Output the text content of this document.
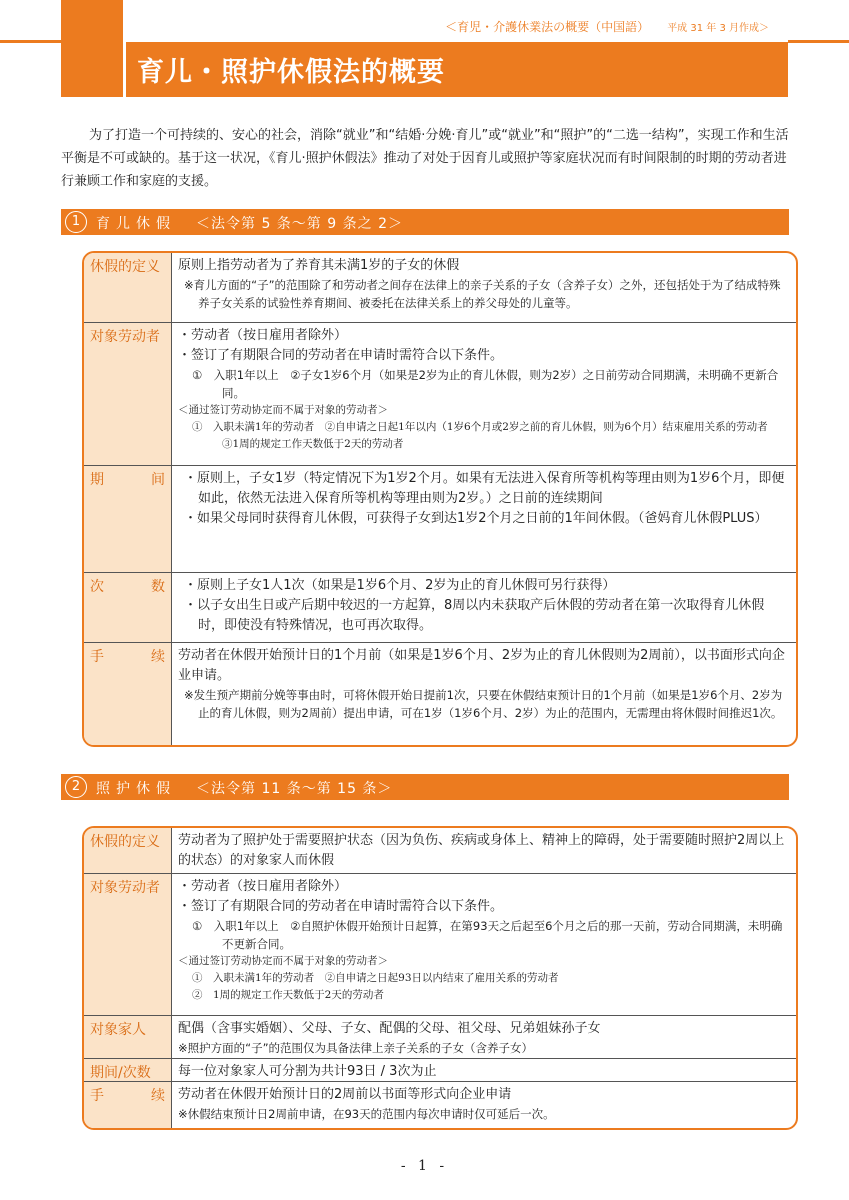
＜育児・介護休業法の概要（中国語） 平成 31 年 3 月作成＞
育儿・照护休假法的概要
为了打造一个可持续的、安心的社会，消除“就业”和“结婚·分娩·育儿”或“就业”和“照护”的“二选一结构”，实现工作和生活平衡是不可或缺的。基于这一状况，《育儿·照护休假法》推动了对处于因育儿或照护等家庭状况而有时间限制的时期的劳动者进行兼顾工作和家庭的支援。
1	育儿休假 ＜法令第 5 条～第 9 条之 2＞
休假的定义	原则上指劳动者为了养育其未满1岁的子女的休假
※育儿方面的“子”的范围除了和劳动者之间存在法律上的亲子关系的子女（含养子女）之外，还包括处于为了结成特殊养子女关系的试验性养育期间、被委托在法律关系上的养父母处的儿童等。
对象劳动者	・劳动者（按日雇用者除外）
・签订了有期限合同的劳动者在申请时需符合以下条件。
①　入职1年以上　②子女1岁6个月（如果是2岁为止的育儿休假，则为2岁）之日前劳动合同期满，未明确不更新合同。
＜通过签订劳动协定而不属于对象的劳动者＞
①　入职未满1年的劳动者　②自申请之日起1年以内（1岁6个月或2岁之前的育儿休假，则为6个月）结束雇用关系的劳动者　③1周的规定工作天数低于2天的劳动者
期	间	・原则上，子女1岁（特定情况下为1岁2个月。如果有无法进入保育所等机构等理由则为1岁6个月，即便如此，依然无法进入保育所等机构等理由则为2岁。）之日前的连续期间
・如果父母同时获得育儿休假，可获得子女到达1岁2个月之日前的1年间休假。（爸妈育儿休假PLUS）
次	数	・原则上子女1人1次（如果是1岁6个月、2岁为止的育儿休假可另行获得）
・以子女出生日或产后期中较迟的一方起算，8周以内未获取产后休假的劳动者在第一次取得育儿休假时，即使没有特殊情况，也可再次取得。
手	续 劳动者在休假开始预计日的1个月前（如果是1岁6个月、2岁为止的育儿休假则为2周前），以书面形式向企业申请。
※发生预产期前分娩等事由时，可将休假开始日提前1次，只要在休假结束预计日的1个月前（如果是1岁6个月、2岁为止的育儿休假，则为2周前）提出申请，可在1岁（1岁6个月、2岁）为止的范围内，无需理由将休假时间推迟1次。
2	照护休假 ＜法令第 11 条～第 15 条＞
休假的定义	劳动者为了照护处于需要照护状态（因为负伤、疾病或身体上、精神上的障碍，处于需要随时照护2周以上的状态）的对象家人而休假
对象劳动者	・劳动者（按日雇用者除外）
・签订了有期限合同的劳动者在申请时需符合以下条件。
①　入职1年以上　②自照护休假开始预计日起算，在第93天之后起至6个月之后的那一天前，劳动合同期满，未明确不更新合同。
＜通过签订劳动协定而不属于对象的劳动者＞
①　入职未满1年的劳动者　②自申请之日起93日以内结束了雇用关系的劳动者
②　1周的规定工作天数低于2天的劳动者
对象家人	配偶（含事实婚姻）、父母、子女、配偶的父母、祖父母、兄弟姐妹孙子女
※照护方面的“子”的范围仅为具备法律上亲子关系的子女（含养子女）
期间/次数	每一位对象家人可分割为共计93日 / 3次为止
手	续 劳动者在休假开始预计日的2周前以书面等形式向企业申请
※休假结束预计日2周前申请，在93天的范围内每次申请时仅可延后一次。
- 1 -
